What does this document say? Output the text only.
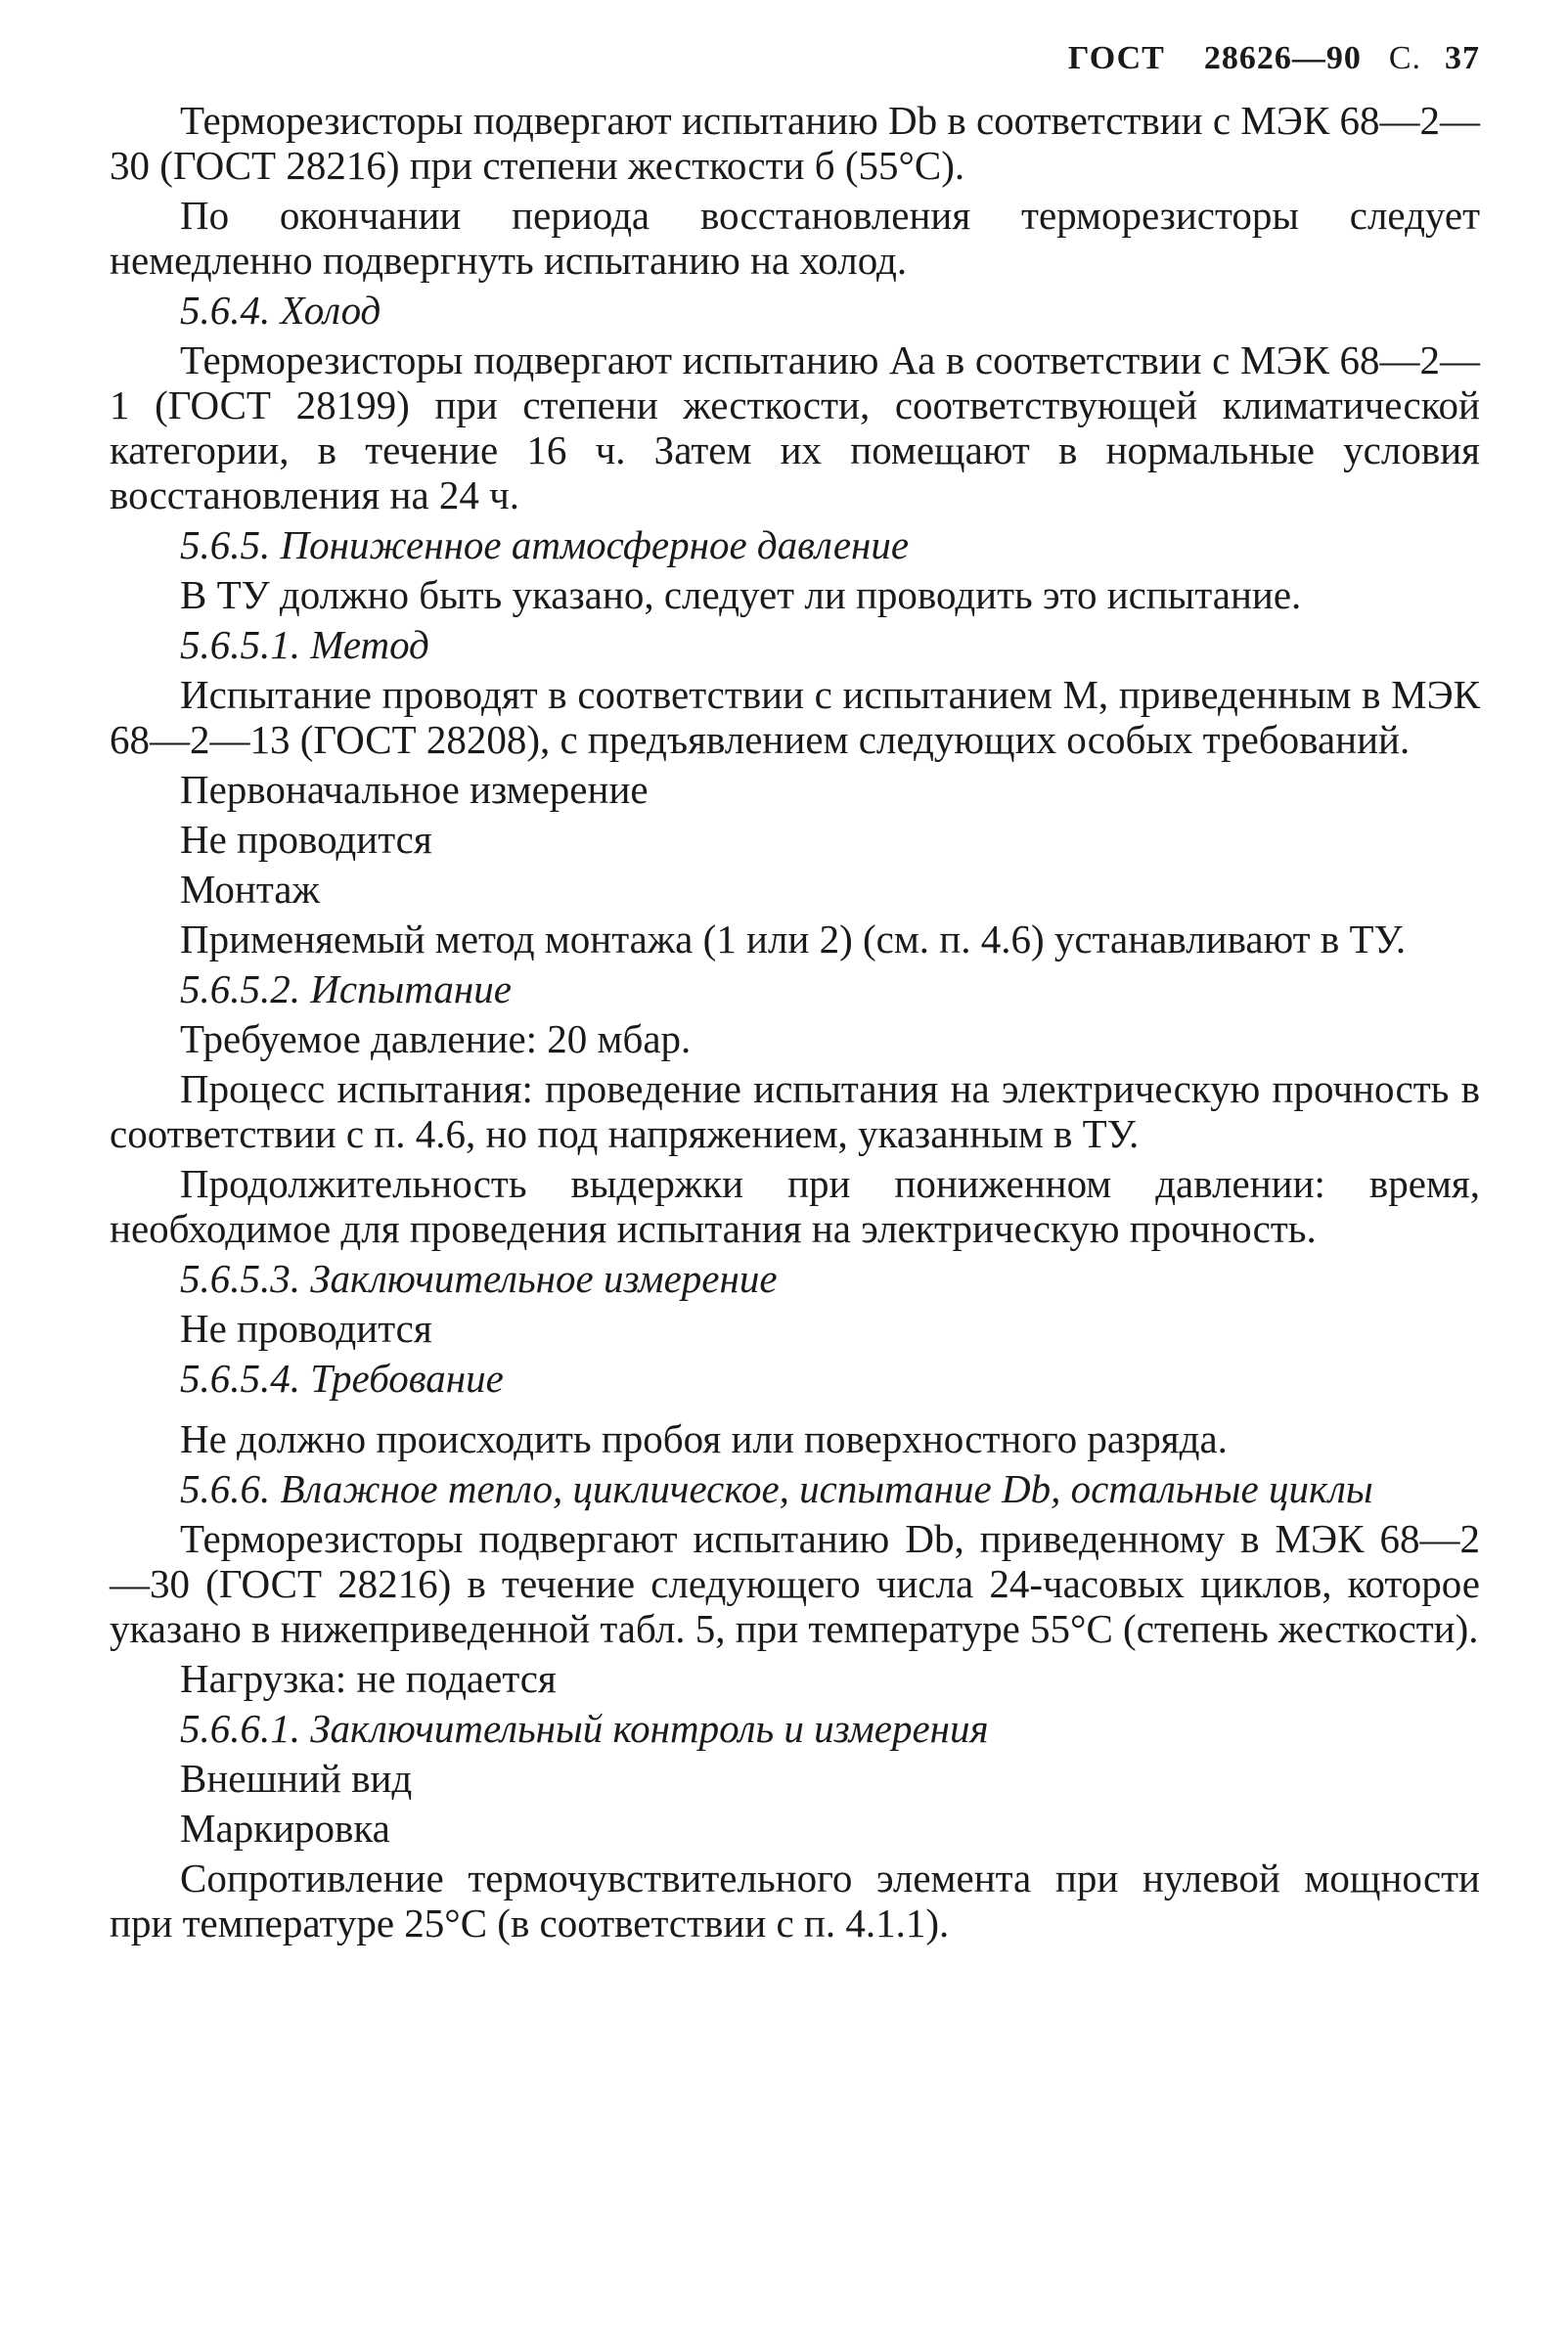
ГОСТ 28626—90 С. 37
Терморезисторы подвергают испытанию Db в соответствии с МЭК 68—2—30 (ГОСТ 28216) при степени жесткости б (55°С).
По окончании периода восстановления терморезисторы следует немедленно подвергнуть испытанию на холод.
5.6.4. Холод
Терморезисторы подвергают испытанию Аа в соответствии с МЭК 68—2—1 (ГОСТ 28199) при степени жесткости, соответствующей климатической категории, в течение 16 ч. Затем их помещают в нормальные условия восстановления на 24 ч.
5.6.5. Пониженное атмосферное давление
В ТУ должно быть указано, следует ли проводить это испытание.
5.6.5.1. Метод
Испытание проводят в соответствии с испытанием М, приведенным в МЭК 68—2—13 (ГОСТ 28208), с предъявлением следующих особых требований.
Первоначальное измерение
Не проводится
Монтаж
Применяемый метод монтажа (1 или 2) (см. п. 4.6) устанавливают в ТУ.
5.6.5.2. Испытание
Требуемое давление: 20 мбар.
Процесс испытания: проведение испытания на электрическую прочность в соответствии с п. 4.6, но под напряжением, указанным в ТУ.
Продолжительность выдержки при пониженном давлении: время, необходимое для проведения испытания на электрическую прочность.
5.6.5.3. Заключительное измерение
Не проводится
5.6.5.4. Требование
Не должно происходить пробоя или поверхностного разряда.
5.6.6. Влажное тепло, циклическое, испытание Db, остальные циклы
Терморезисторы подвергают испытанию Db, приведенному в МЭК 68—2—30 (ГОСТ 28216) в течение следующего числа 24-часовых циклов, которое указано в нижеприведенной табл. 5, при температуре 55°С (степень жесткости).
Нагрузка: не подается
5.6.6.1. Заключительный контроль и измерения
Внешний вид
Маркировка
Сопротивление термочувствительного элемента при нулевой мощности при температуре 25°С (в соответствии с п. 4.1.1).
